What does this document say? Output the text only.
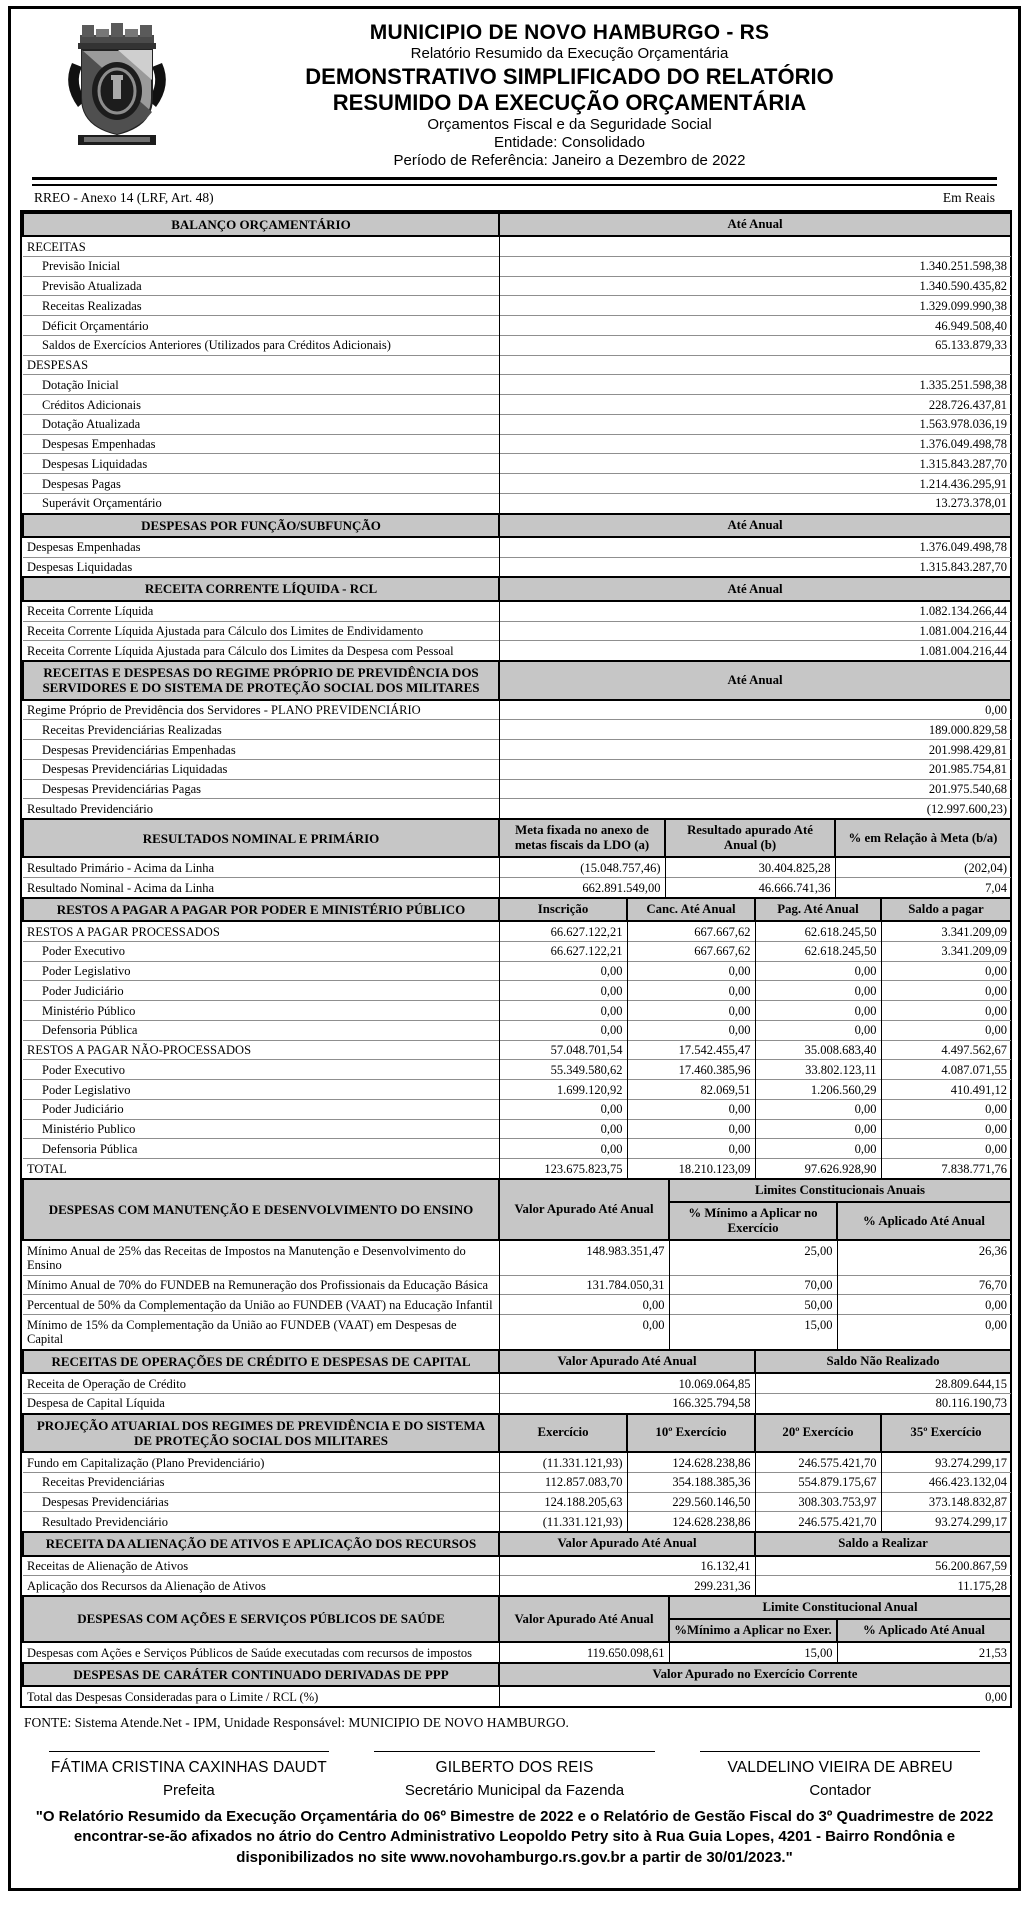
MUNICIPIO DE NOVO HAMBURGO - RS
Relatório Resumido da Execução Orçamentária
DEMONSTRATIVO SIMPLIFICADO DO RELATÓRIO RESUMIDO DA EXECUÇÃO ORÇAMENTÁRIA
Orçamentos Fiscal e da Seguridade Social
Entidade: Consolidado
Período de Referência: Janeiro a Dezembro de 2022
RREO - Anexo 14 (LRF, Art. 48)	Em Reais
BALANÇO ORÇAMENTÁRIO	Até Anual
RECEITAS	
Previsão Inicial	1.340.251.598,38
Previsão Atualizada	1.340.590.435,82
Receitas Realizadas	1.329.099.990,38
Déficit Orçamentário	46.949.508,40
Saldos de Exercícios Anteriores (Utilizados para Créditos Adicionais)	65.133.879,33
DESPESAS	
Dotação Inicial	1.335.251.598,38
Créditos Adicionais	228.726.437,81
Dotação Atualizada	1.563.978.036,19
Despesas Empenhadas	1.376.049.498,78
Despesas Liquidadas	1.315.843.287,70
Despesas Pagas	1.214.436.295,91
Superávit Orçamentário	13.273.378,01
DESPESAS POR FUNÇÃO/SUBFUNÇÃO	Até Anual
Despesas Empenhadas	1.376.049.498,78
Despesas Liquidadas	1.315.843.287,70
RECEITA CORRENTE LÍQUIDA - RCL	Até Anual
Receita Corrente Líquida	1.082.134.266,44
Receita Corrente Líquida Ajustada para Cálculo dos Limites de Endividamento	1.081.004.216,44
Receita Corrente Líquida Ajustada para Cálculo dos Limites da Despesa com Pessoal	1.081.004.216,44
RECEITAS E DESPESAS DO REGIME PRÓPRIO DE PREVIDÊNCIA DOS SERVIDORES E DO SISTEMA DE PROTEÇÃO SOCIAL DOS MILITARES	Até Anual
Regime Próprio de Previdência dos Servidores - PLANO PREVIDENCIÁRIO	0,00
Receitas Previdenciárias Realizadas	189.000.829,58
Despesas Previdenciárias Empenhadas	201.998.429,81
Despesas Previdenciárias Liquidadas	201.985.754,81
Despesas Previdenciárias Pagas	201.975.540,68
Resultado Previdenciário	(12.997.600,23)
RESULTADOS NOMINAL E PRIMÁRIO	Meta fixada no anexo de metas fiscais da LDO (a)	Resultado apurado Até Anual (b)	% em Relação à Meta (b/a)
Resultado Primário - Acima da Linha	(15.048.757,46)	30.404.825,28	(202,04)
Resultado Nominal - Acima da Linha	662.891.549,00	46.666.741,36	7,04
RESTOS A PAGAR A PAGAR POR PODER E MINISTÉRIO PÚBLICO	Inscrição	Canc. Até Anual	Pag. Até Anual	Saldo a pagar
RESTOS A PAGAR PROCESSADOS	66.627.122,21	667.667,62	62.618.245,50	3.341.209,09
Poder Executivo	66.627.122,21	667.667,62	62.618.245,50	3.341.209,09
Poder Legislativo	0,00	0,00	0,00	0,00
Poder Judiciário	0,00	0,00	0,00	0,00
Ministério Público	0,00	0,00	0,00	0,00
Defensoria Pública	0,00	0,00	0,00	0,00
RESTOS A PAGAR NÃO-PROCESSADOS	57.048.701,54	17.542.455,47	35.008.683,40	4.497.562,67
Poder Executivo	55.349.580,62	17.460.385,96	33.802.123,11	4.087.071,55
Poder Legislativo	1.699.120,92	82.069,51	1.206.560,29	410.491,12
Poder Judiciário	0,00	0,00	0,00	0,00
Ministério Publico	0,00	0,00	0,00	0,00
Defensoria Pública	0,00	0,00	0,00	0,00
TOTAL	123.675.823,75	18.210.123,09	97.626.928,90	7.838.771,76
DESPESAS COM MANUTENÇÃO E DESENVOLVIMENTO DO ENSINO	Valor Apurado Até Anual	Limites Constitucionais Anuais	
		% Mínimo a Aplicar no Exercício	% Aplicado Até Anual
Mínimo Anual de 25% das Receitas de Impostos na Manutenção e Desenvolvimento do Ensino	148.983.351,47	25,00	26,36
Mínimo Anual de 70% do FUNDEB na Remuneração dos Profissionais da Educação Básica	131.784.050,31	70,00	76,70
Percentual de 50% da Complementação da União ao FUNDEB (VAAT) na Educação Infantil	0,00	50,00	0,00
Mínimo de 15% da Complementação da União ao FUNDEB (VAAT) em Despesas de Capital	0,00	15,00	0,00
RECEITAS DE OPERAÇÕES DE CRÉDITO E DESPESAS DE CAPITAL	Valor Apurado Até Anual	Saldo Não Realizado
Receita de Operação de Crédito	10.069.064,85	28.809.644,15
Despesa de Capital Líquida	166.325.794,58	80.116.190,73
PROJEÇÃO ATUARIAL DOS REGIMES DE PREVIDÊNCIA E DO SISTEMA DE PROTEÇÃO SOCIAL DOS MILITARES	Exercício	10º Exercício	20º Exercício	35º Exercício
Fundo em Capitalização (Plano Previdenciário)	(11.331.121,93)	124.628.238,86	246.575.421,70	93.274.299,17
Receitas Previdenciárias	112.857.083,70	354.188.385,36	554.879.175,67	466.423.132,04
Despesas Previdenciárias	124.188.205,63	229.560.146,50	308.303.753,97	373.148.832,87
Resultado Previdenciário	(11.331.121,93)	124.628.238,86	246.575.421,70	93.274.299,17
RECEITA DA ALIENAÇÃO DE ATIVOS E APLICAÇÃO DOS RECURSOS	Valor Apurado Até Anual	Saldo a Realizar
Receitas de Alienação de Ativos	16.132,41	56.200.867,59
Aplicação dos Recursos da Alienação de Ativos	299.231,36	11.175,28
DESPESAS COM AÇÕES E SERVIÇOS PÚBLICOS DE SAÚDE	Valor Apurado Até Anual	Limite Constitucional Anual	
		%Mínimo a Aplicar no Exer.	% Aplicado Até Anual
Despesas com Ações e Serviços Públicos de Saúde executadas com recursos de impostos	119.650.098,61	15,00	21,53
DESPESAS DE CARÁTER CONTINUADO DERIVADAS DE PPP	Valor Apurado no Exercício Corrente
Total das Despesas Consideradas para o Limite / RCL (%)	0,00
FONTE: Sistema Atende.Net - IPM, Unidade Responsável: MUNICIPIO DE NOVO HAMBURGO.
FÁTIMA CRISTINA CAXINHAS DAUDT
Prefeita
GILBERTO DOS REIS
Secretário Municipal da Fazenda
VALDELINO VIEIRA DE ABREU
Contador
"O Relatório Resumido da Execução Orçamentária do 06º Bimestre de 2022 e o Relatório de Gestão Fiscal do 3º Quadrimestre de 2022 encontrar-se-ão afixados no átrio do Centro Administrativo Leopoldo Petry sito à Rua Guia Lopes, 4201 - Bairro Rondônia e disponibilizados no site www.novohamburgo.rs.gov.br a partir de 30/01/2023."
